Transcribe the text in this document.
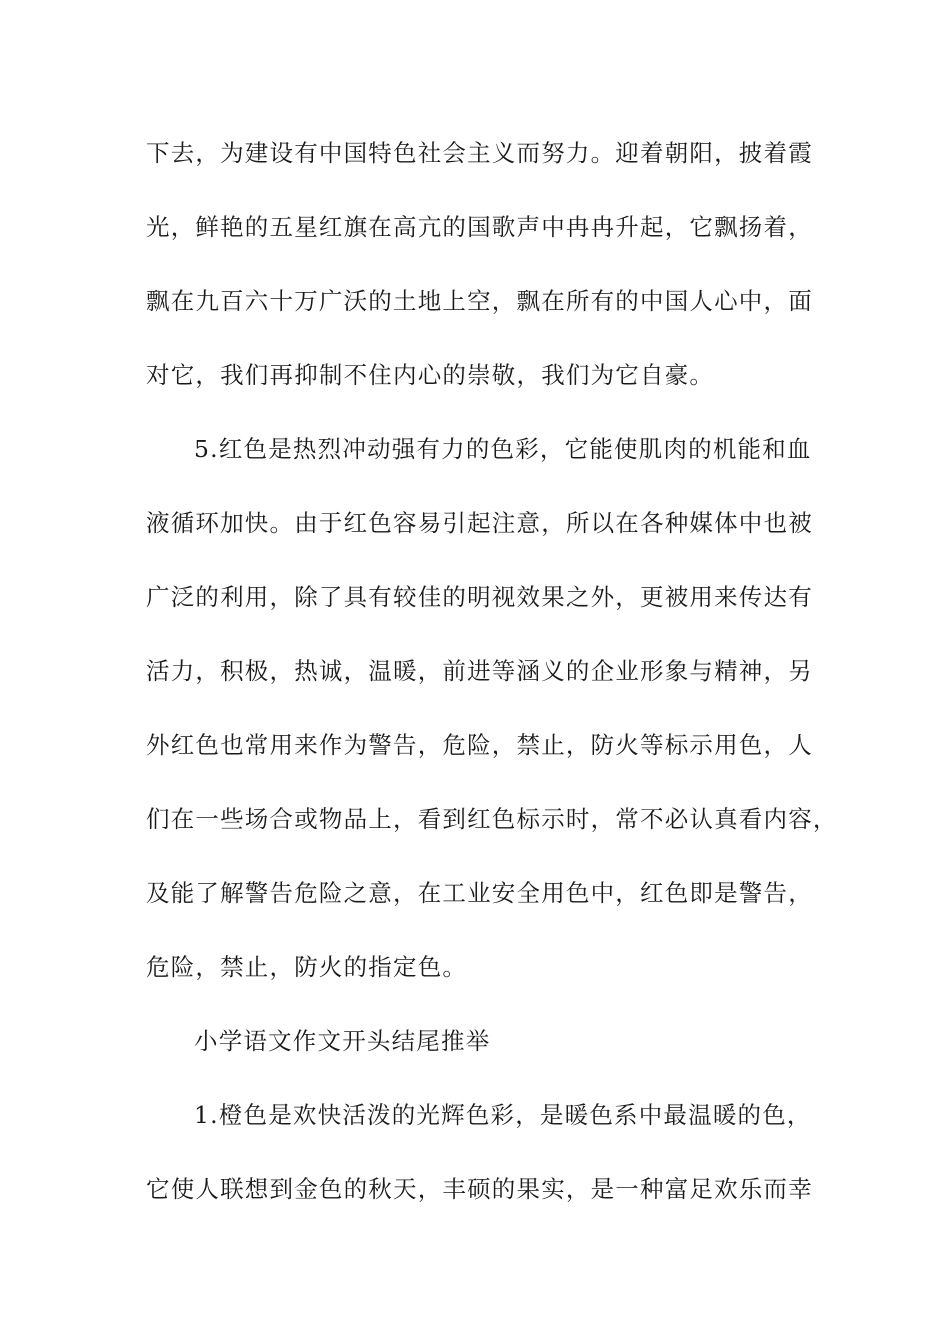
下去，为建设有中国特色社会主义而努力。迎着朝阳，披着霞
光，鲜艳的五星红旗在高亢的国歌声中冉冉升起，它飘扬着，
飘在九百六十万广沃的土地上空，飘在所有的中国人心中，面
对它，我们再抑制不住内心的崇敬，我们为它自豪。
5.红色是热烈冲动强有力的色彩，它能使肌肉的机能和血
液循环加快。由于红色容易引起注意，所以在各种媒体中也被
广泛的利用，除了具有较佳的明视效果之外，更被用来传达有
活力，积极，热诚，温暖，前进等涵义的企业形象与精神，另
外红色也常用来作为警告，危险，禁止，防火等标示用色，人
们在一些场合或物品上，看到红色标示时，常不必认真看内容，
及能了解警告危险之意，在工业安全用色中，红色即是警告，
危险，禁止，防火的指定色。
小学语文作文开头结尾推举
1.橙色是欢快活泼的光辉色彩，是暖色系中最温暖的色，
它使人联想到金色的秋天，丰硕的果实，是一种富足欢乐而幸
